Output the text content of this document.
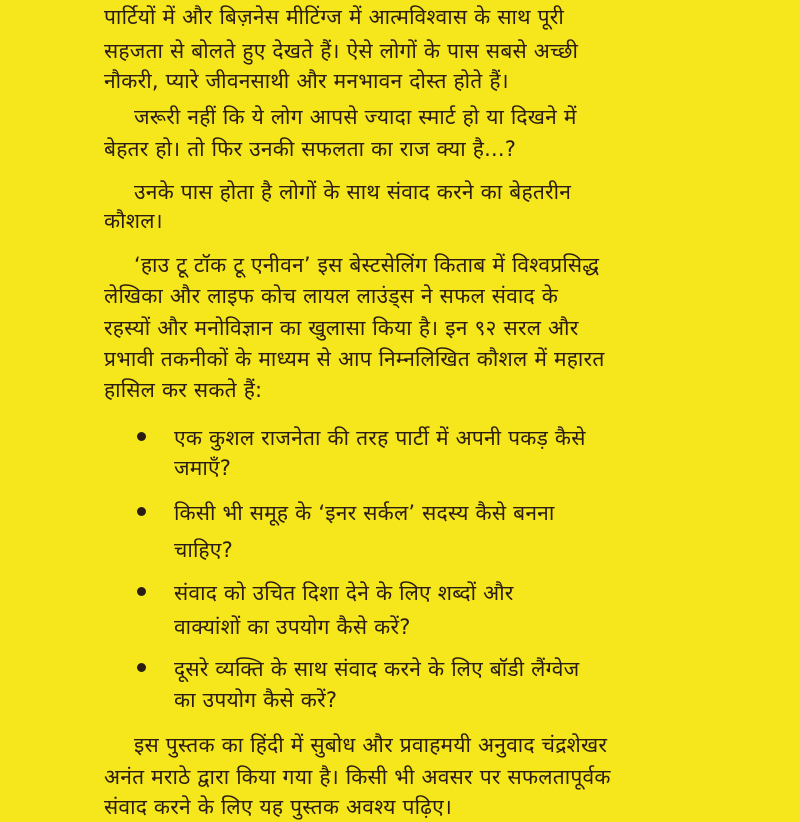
पार्टियों में और बिज़नेस मीटिंग्ज में आत्मविश्वास के साथ पूरी

सहजता से बोलते हुए देखते हैं। ऐसे लोगों के पास सबसे अच्छी

नौकरी, प्यारे जीवनसाथी और मनभावन दोस्त होते हैं।

जरूरी नहीं कि ये लोग आपसे ज्यादा स्मार्ट हो या दिखने में

बेहतर हो। तो फिर उनकी सफलता का राज क्या है...?

उनके पास होता है लोगों के साथ संवाद करने का बेहतरीन

कौशल।

‘हाउ टू टॉक टू एनीवन’ इस बेस्टसेलिंग किताब में विश्वप्रसिद्ध

लेखिका और लाइफ कोच लायल लाउंड्स ने सफल संवाद के

रहस्यों और मनोविज्ञान का खुलासा किया है। इन ९२ सरल और

प्रभावी तकनीकों के माध्यम से आप निम्नलिखित कौशल में महारत

हासिल कर सकते हैं:

एक कुशल राजनेता की तरह पार्टी में अपनी पकड़ कैसे

जमाएँ?

किसी भी समूह के ‘इनर सर्कल’ सदस्य कैसे बनना

चाहिए?

संवाद को उचित दिशा देने के लिए शब्दों और

वाक्यांशों का उपयोग कैसे करें?

दूसरे व्यक्ति के साथ संवाद करने के लिए बॉडी लैंग्वेज

का उपयोग कैसे करें?

इस पुस्तक का हिंदी में सुबोध और प्रवाहमयी अनुवाद चंद्रशेखर

अनंत मराठे द्वारा किया गया है। किसी भी अवसर पर सफलतापूर्वक

संवाद करने के लिए यह पुस्तक अवश्य पढ़िए।
